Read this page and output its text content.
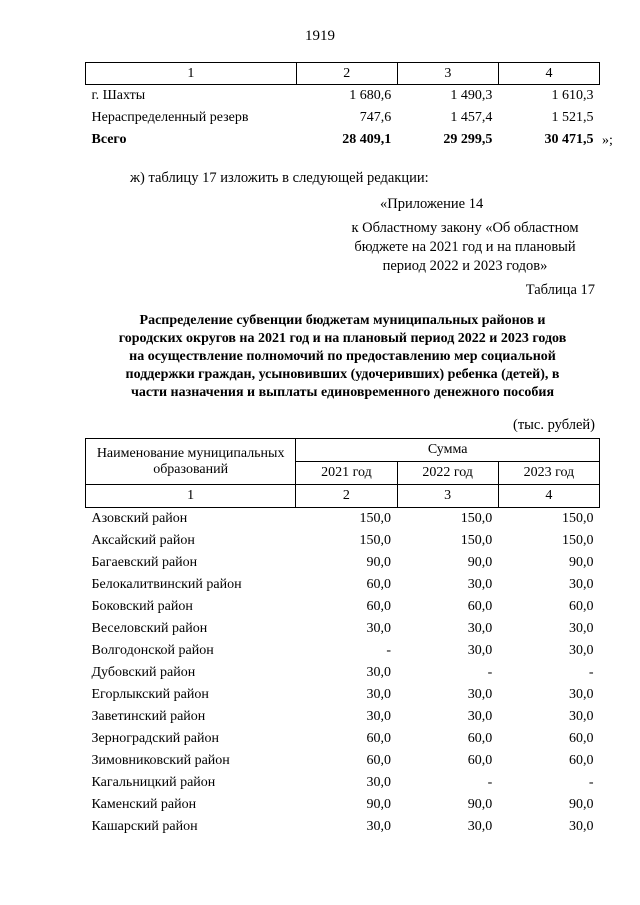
1919
1	2	3	4
г. Шахты	1 680,6	1 490,3	1 610,3
Нераспределенный резерв	747,6	1 457,4	1 521,5
Всего	28 409,1	29 299,5	30 471,5 »;
ж) таблицу 17 изложить в следующей редакции:
«Приложение 14
к Областному закону «Об областном
бюджете на 2021 год и на плановый
период 2022 и 2023 годов»
Таблица 17
Распределение субвенции бюджетам муниципальных районов и
городских округов на 2021 год и на плановый период 2022 и 2023 годов
на осуществление полномочий по предоставлению мер социальной
поддержки граждан, усыновивших (удочеривших) ребенка (детей), в
части назначения и выплаты единовременного денежного пособия
(тыс. рублей)
Наименование муниципальных образований	Сумма		
	2021 год	2022 год	2023 год
1	2	3	4
Азовский район	150,0	150,0	150,0
Аксайский район	150,0	150,0	150,0
Багаевский район	90,0	90,0	90,0
Белокалитвинский район	60,0	30,0	30,0
Боковский район	60,0	60,0	60,0
Веселовский район	30,0	30,0	30,0
Волгодонской район	-	30,0	30,0
Дубовский район	30,0	-	-
Егорлыкский район	30,0	30,0	30,0
Заветинский район	30,0	30,0	30,0
Зерноградский район	60,0	60,0	60,0
Зимовниковский район	60,0	60,0	60,0
Кагальницкий район	30,0	-	-
Каменский район	90,0	90,0	90,0
Кашарский район	30,0	30,0	30,0
